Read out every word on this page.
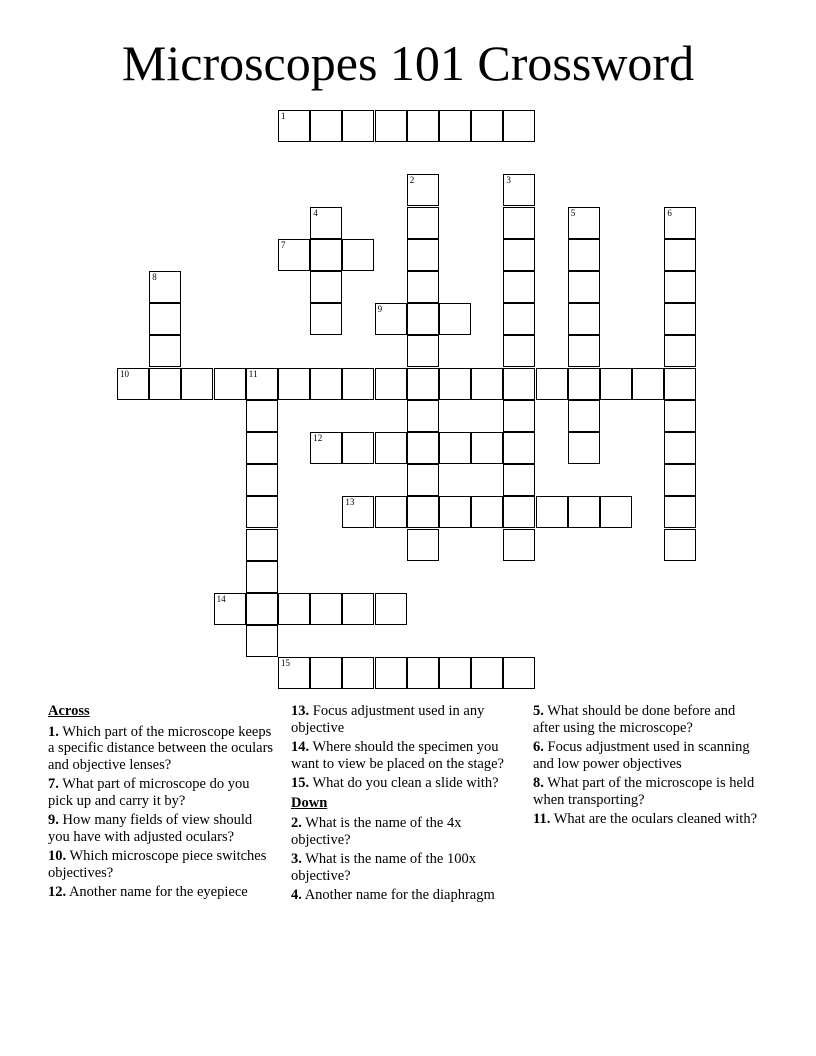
Microscopes 101 Crossword
1
2	3
4	5	6
7
8
9
10	11
12
13
14
15
Across
1. Which part of the microscope keeps a specific distance between the oculars and objective lenses?
7. What part of microscope do you pick up and carry it by?
9. How many fields of view should you have with adjusted oculars?
10. Which microscope piece switches objectives?
12. Another name for the eyepiece
13. Focus adjustment used in any objective
14. Where should the specimen you want to view be placed on the stage?
15. What do you clean a slide with?
Down
2. What is the name of the 4x objective?
3. What is the name of the 100x objective?
4. Another name for the diaphragm
5. What should be done before and after using the microscope?
6. Focus adjustment used in scanning and low power objectives
8. What part of the microscope is held when transporting?
11. What are the oculars cleaned with?
